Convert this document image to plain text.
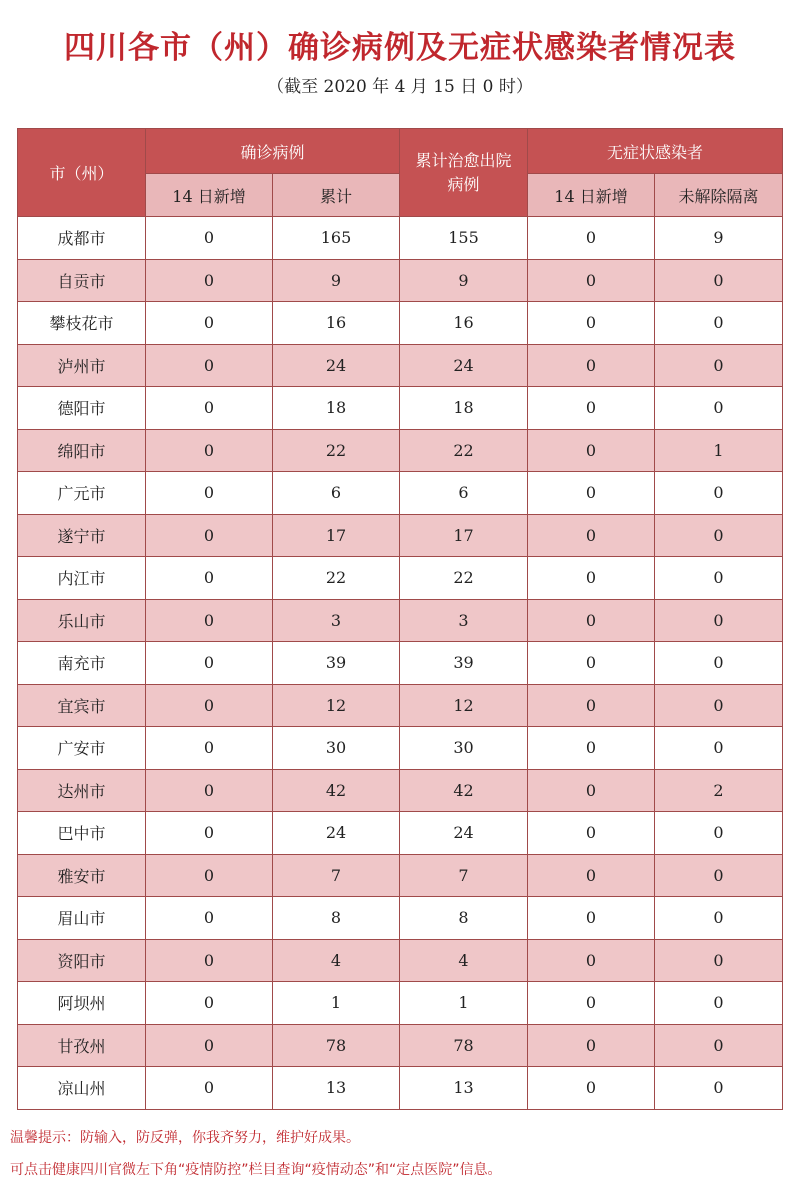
四川各市（州）确诊病例及无症状感染者情况表
（截至 2020 年 4 月 15 日 0 时）
市（州）	确诊病例		累计治愈出院病例	无症状感染者	
	14 日新增	累计		14 日新增	未解除隔离
成都市	0	165	155	0	9
自贡市	0	9	9	0	0
攀枝花市	0	16	16	0	0
泸州市	0	24	24	0	0
德阳市	0	18	18	0	0
绵阳市	0	22	22	0	1
广元市	0	6	6	0	0
遂宁市	0	17	17	0	0
内江市	0	22	22	0	0
乐山市	0	3	3	0	0
南充市	0	39	39	0	0
宜宾市	0	12	12	0	0
广安市	0	30	30	0	0
达州市	0	42	42	0	2
巴中市	0	24	24	0	0
雅安市	0	7	7	0	0
眉山市	0	8	8	0	0
资阳市	0	4	4	0	0
阿坝州	0	1	1	0	0
甘孜州	0	78	78	0	0
凉山州	0	13	13	0	0
温馨提示：防输入，防反弹，你我齐努力，维护好成果。
可点击健康四川官微左下角“疫情防控”栏目查询“疫情动态”和“定点医院”信息。
